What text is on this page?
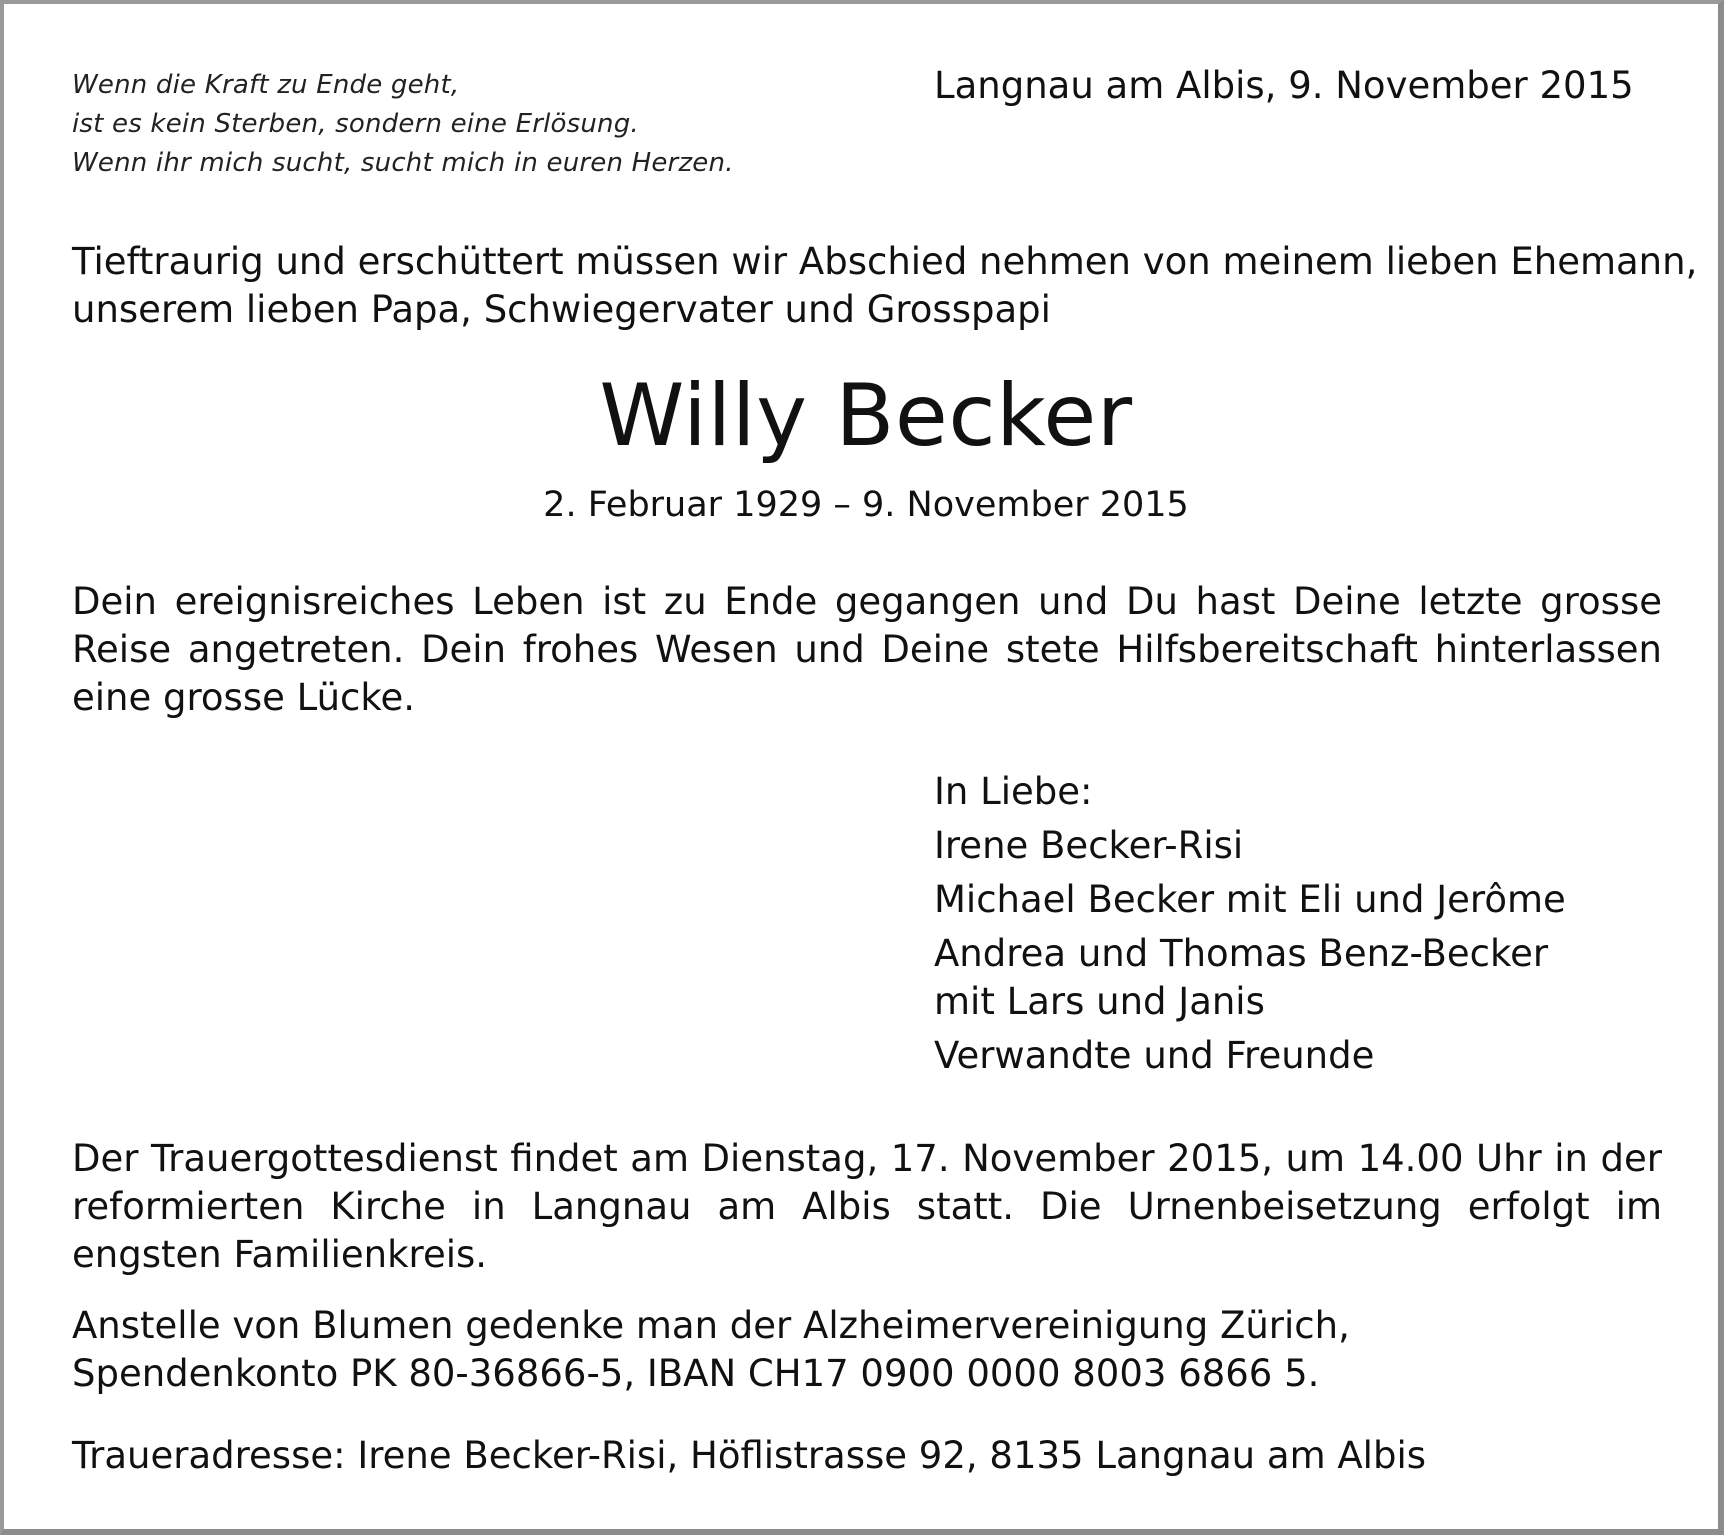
Wenn die Kraft zu Ende geht,
ist es kein Sterben, sondern eine Erlösung.
Wenn ihr mich sucht, sucht mich in euren Herzen.
Langnau am Albis, 9. November 2015
Tieftraurig und erschüttert müssen wir Abschied nehmen von meinem lieben Ehemann,
unserem lieben Papa, Schwiegervater und Grosspapi
Willy Becker
2. Februar 1929 – 9. November 2015

Dein ereignisreiches Leben ist zu Ende gegangen und Du hast Deine letzte grosse Reise angetreten. Dein frohes Wesen und Deine stete Hilfsbereitschaft hinterlassen eine grosse Lücke.

In Liebe:
Irene Becker-Risi
Michael Becker mit Eli und Jerôme
Andrea und Thomas Benz-Becker
mit Lars und Janis
Verwandte und Freunde

Der Trauergottesdienst findet am Dienstag, 17. November 2015, um 14.00 Uhr in der reformierten Kirche in Langnau am Albis statt. Die Urnenbeisetzung erfolgt im engsten Familienkreis.

Anstelle von Blumen gedenke man der Alzheimervereinigung Zürich,
Spendenkonto PK 80-36866-5, IBAN CH17 0900 0000 8003 6866 5.
Traueradresse: Irene Becker-Risi, Höflistrasse 92, 8135 Langnau am Albis
